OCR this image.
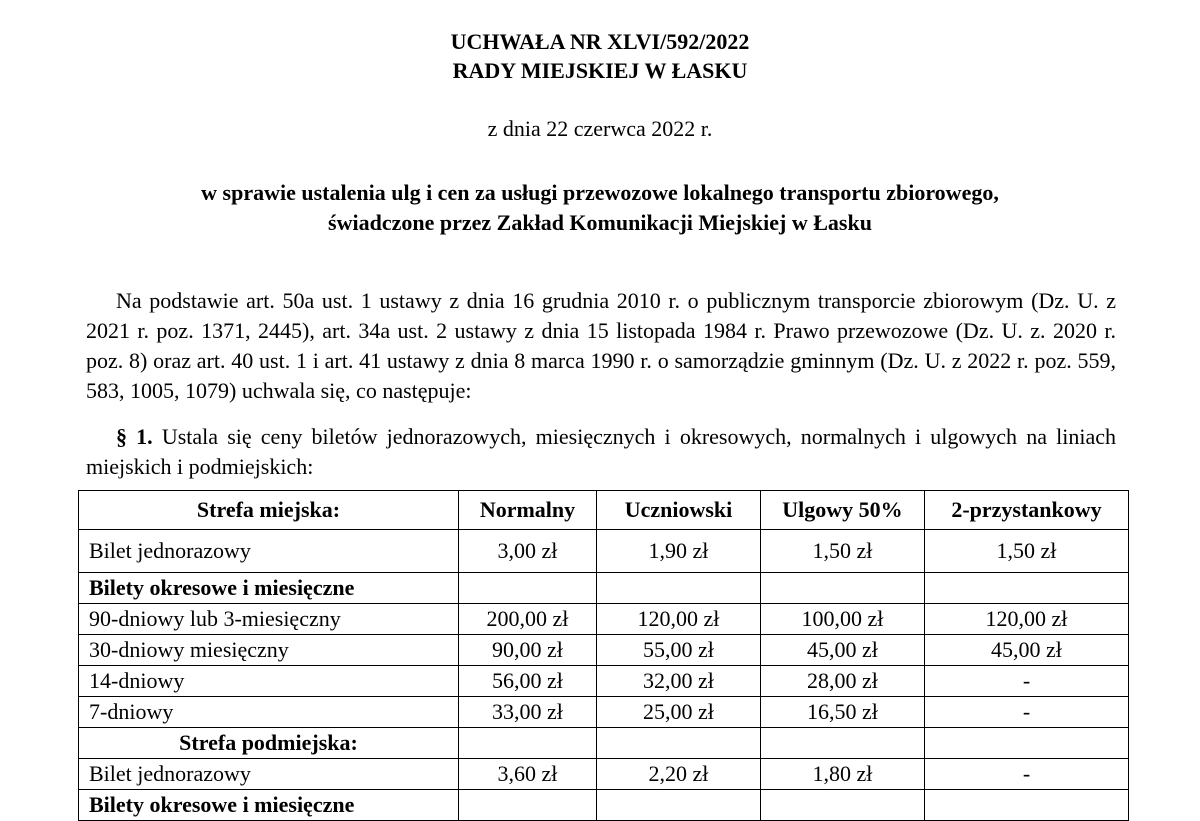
UCHWAŁA NR XLVI/592/2022
RADY MIEJSKIEJ W ŁASKU
z dnia 22 czerwca 2022 r.
w sprawie ustalenia ulg i cen za usługi przewozowe lokalnego transportu zbiorowego,
świadczone przez Zakład Komunikacji Miejskiej w Łasku
Na podstawie art. 50a ust. 1 ustawy z dnia 16 grudnia 2010 r. o publicznym transporcie zbiorowym (Dz. U. z 2021 r. poz. 1371, 2445), art. 34a ust. 2 ustawy z dnia 15 listopada 1984 r. Prawo przewozowe (Dz. U. z. 2020 r. poz. 8) oraz art. 40 ust. 1 i art. 41 ustawy z dnia 8 marca 1990 r. o samorządzie gminnym (Dz. U. z 2022 r. poz. 559, 583, 1005, 1079) uchwala się, co następuje:
§ 1. Ustala się ceny biletów jednorazowych, miesięcznych i okresowych, normalnych i ulgowych na liniach miejskich i podmiejskich:
Strefa miejska:	Normalny	Uczniowski	Ulgowy 50%	2-przystankowy
Bilet jednorazowy	3,00 zł	1,90 zł	1,50 zł	1,50 zł
Bilety okresowe i miesięczne				
90-dniowy lub 3-miesięczny	200,00 zł	120,00 zł	100,00 zł	120,00 zł
30-dniowy miesięczny	90,00 zł	55,00 zł	45,00 zł	45,00 zł
14-dniowy	56,00 zł	32,00 zł	28,00 zł	-
7-dniowy	33,00 zł	25,00 zł	16,50 zł	-
Strefa podmiejska:				
Bilet jednorazowy	3,60 zł	2,20 zł	1,80 zł	-
Bilety okresowe i miesięczne				
